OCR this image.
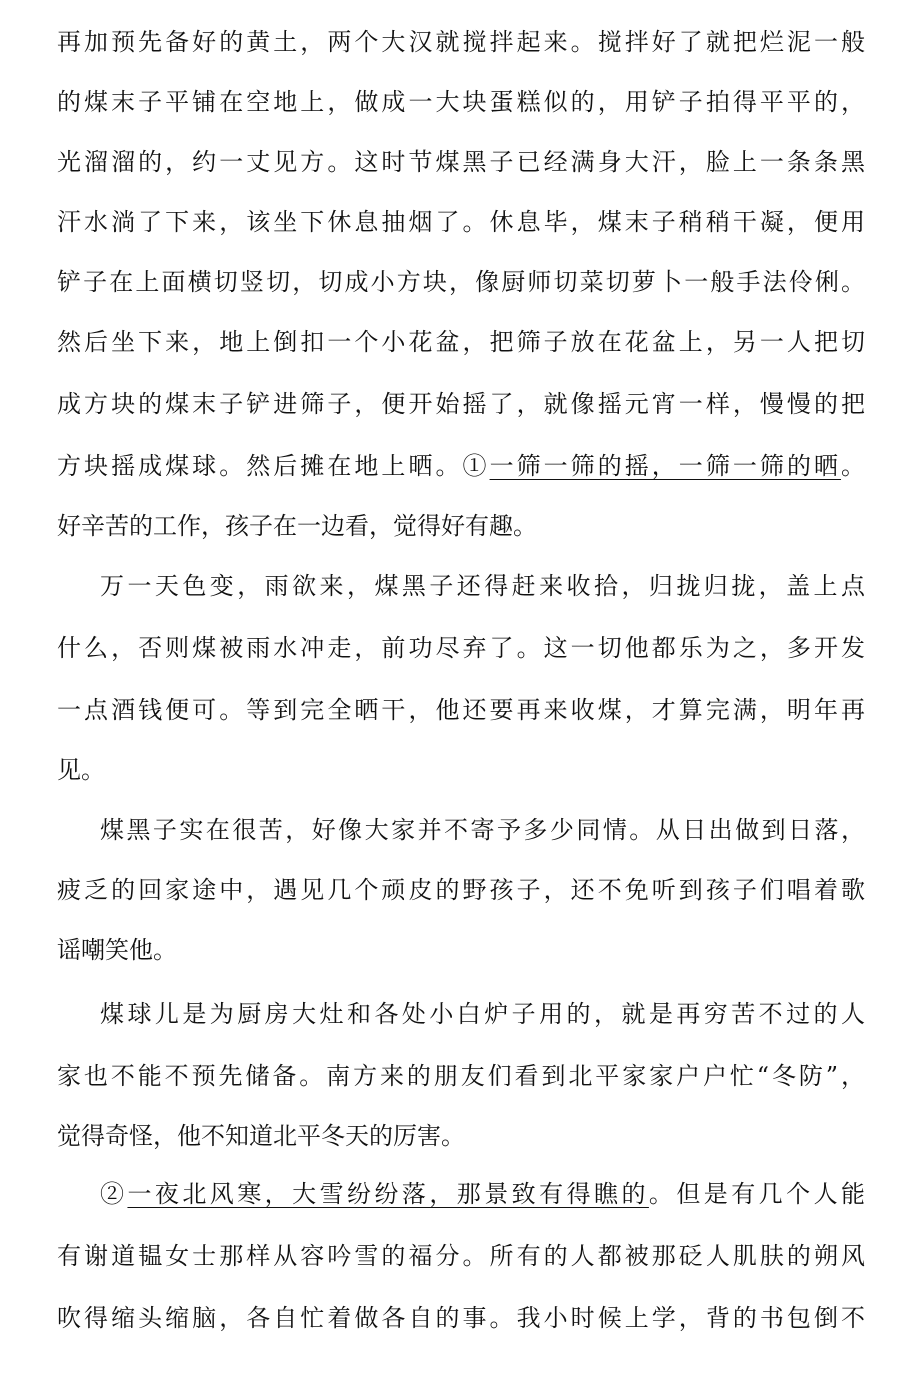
再加预先备好的黄土，两个大汉就搅拌起来。搅拌好了就把烂泥一般
的煤末子平铺在空地上，做成一大块蛋糕似的，用铲子拍得平平的，
光溜溜的，约一丈见方。这时节煤黑子已经满身大汗，脸上一条条黑
汗水淌了下来，该坐下休息抽烟了。休息毕，煤末子稍稍干凝，便用
铲子在上面横切竖切，切成小方块，像厨师切菜切萝卜一般手法伶俐。
然后坐下来，地上倒扣一个小花盆，把筛子放在花盆上，另一人把切
成方块的煤末子铲进筛子，便开始摇了，就像摇元宵一样，慢慢的把
方块摇成煤球。然后摊在地上晒。①一筛一筛的摇，一筛一筛的晒。
好辛苦的工作，孩子在一边看，觉得好有趣。
万一天色变，雨欲来，煤黑子还得赶来收拾，归拢归拢，盖上点
什么，否则煤被雨水冲走，前功尽弃了。这一切他都乐为之，多开发
一点酒钱便可。等到完全晒干，他还要再来收煤，才算完满，明年再
见。
煤黑子实在很苦，好像大家并不寄予多少同情。从日出做到日落，
疲乏的回家途中，遇见几个顽皮的野孩子，还不免听到孩子们唱着歌
谣嘲笑他。
煤球儿是为厨房大灶和各处小白炉子用的，就是再穷苦不过的人
家也不能不预先储备。南方来的朋友们看到北平家家户户忙“冬防”，
觉得奇怪，他不知道北平冬天的厉害。
②一夜北风寒，大雪纷纷落，那景致有得瞧的。但是有几个人能
有谢道韫女士那样从容吟雪的福分。所有的人都被那砭人肌肤的朔风
吹得缩头缩脑，各自忙着做各自的事。我小时候上学，背的书包倒不
